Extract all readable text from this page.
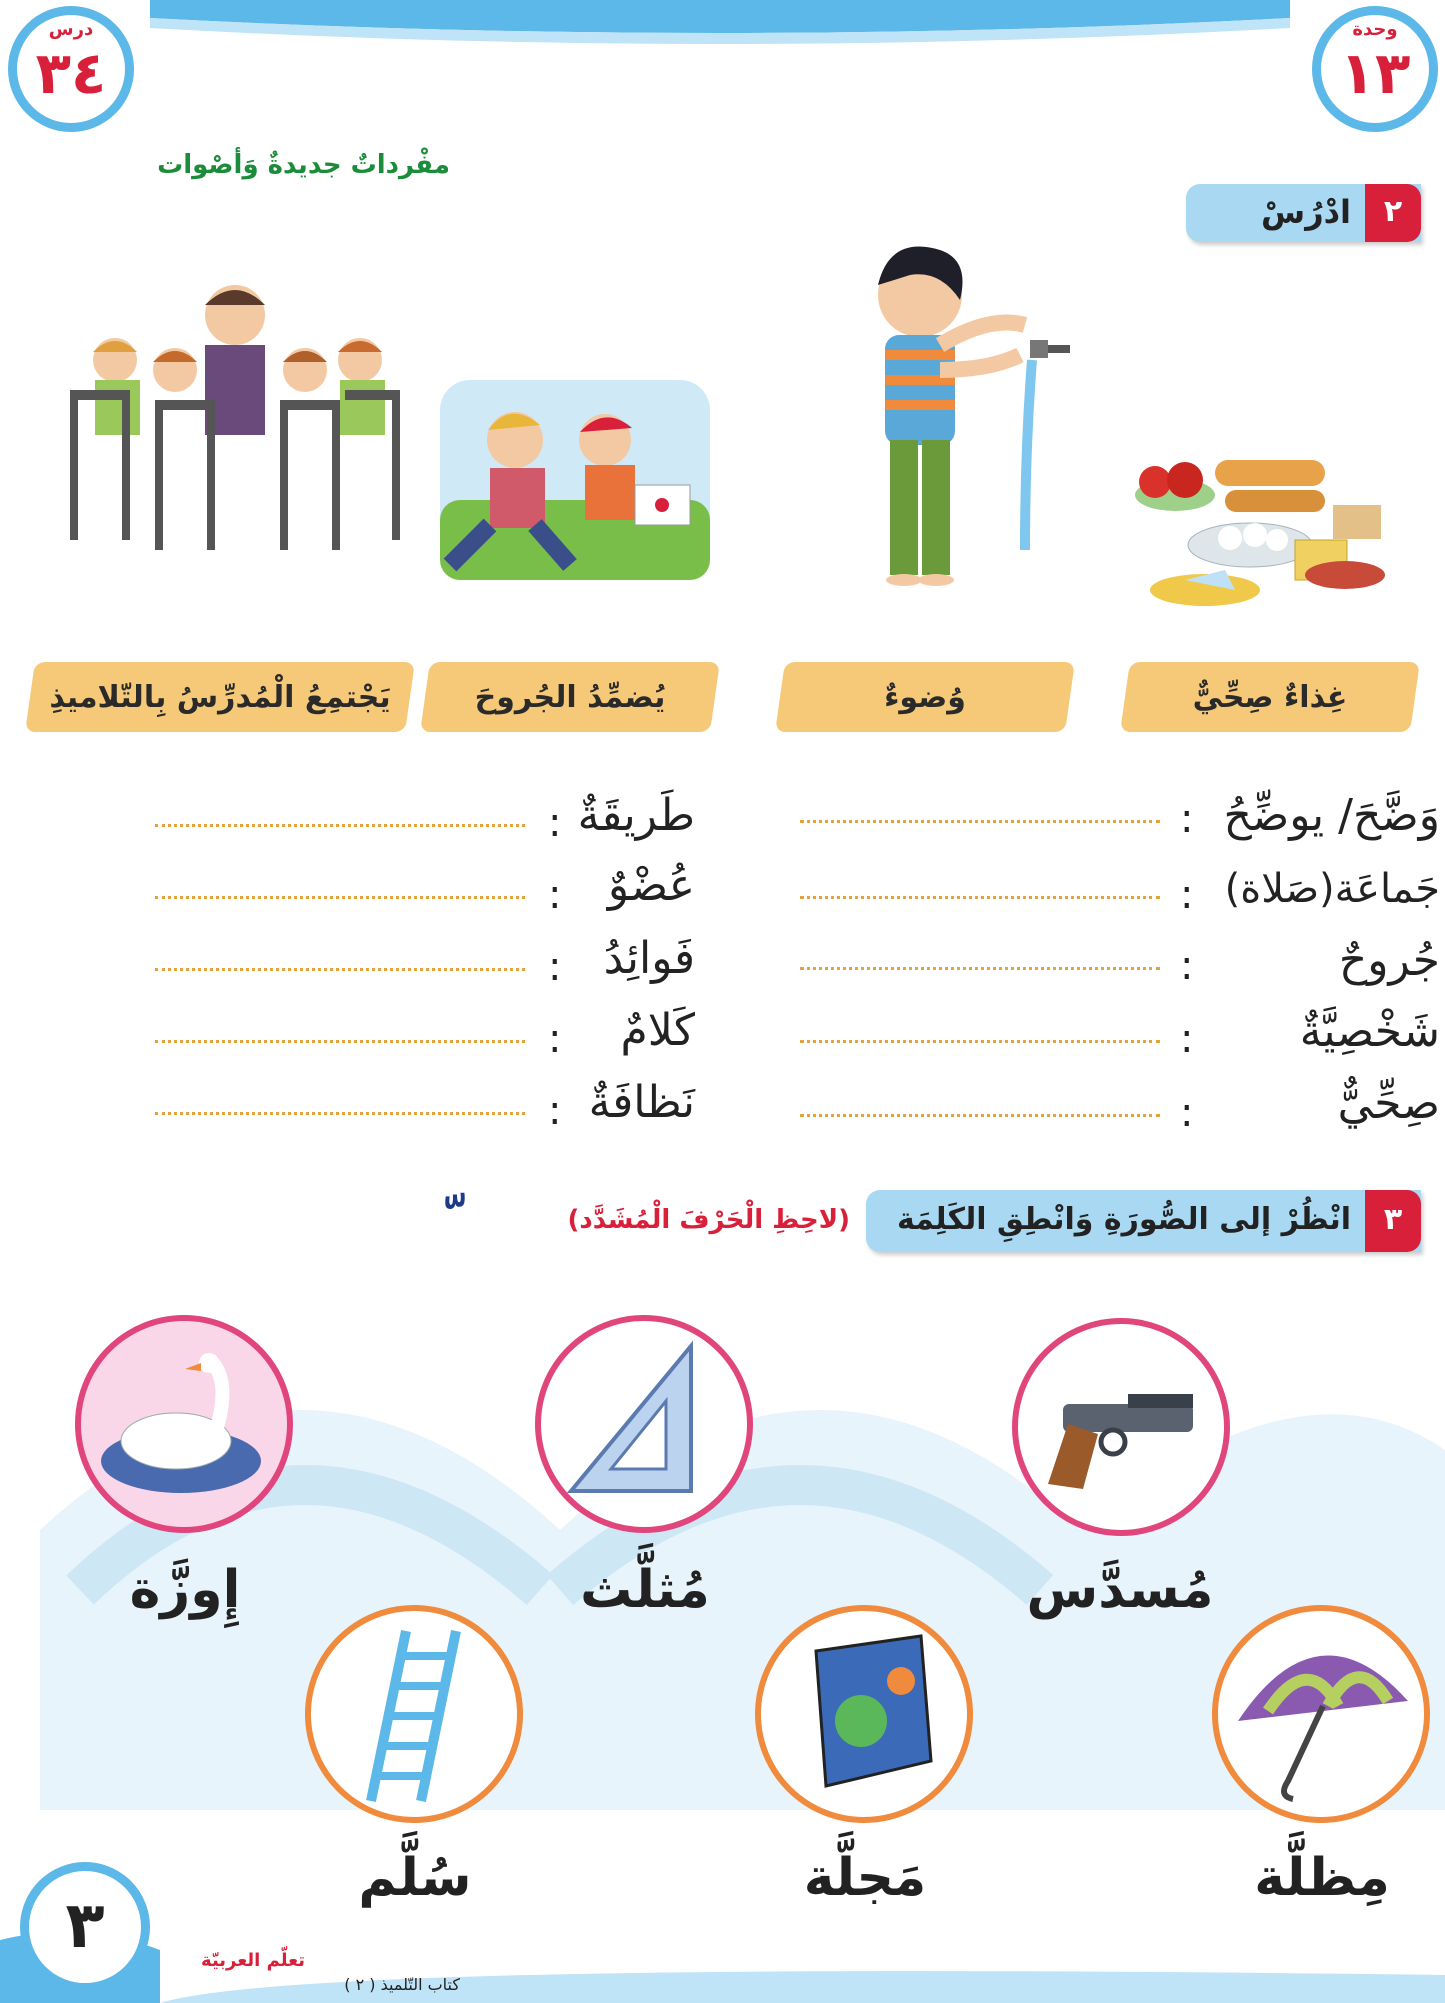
وحدة
١٣
درس
٣٤
مفْرداتٌ جديدةٌ وَأصْوات
٢
ادْرُسْ
غِذاءٌ صِحِّيٌّ
وُضوءٌ
يُضمِّدُ الجُروحَ
يَجْتمِعُ الْمُدرِّسُ بِالتّلاميذِ
وَضَّحَ/ يوضِّحُ
:
جَماعَة(صَلاة)
:
جُروحٌ
:
شَخْصِيَّةٌ
:
صِحِّيٌّ
:
طَريقَةٌ
:
عُضْوٌ
:
فَوائِدُ
:
كَلامٌ
:
نَظافَةٌ
:
٣
انْظُرْ إلى الصُّورَةِ وَانْطِقِ الكَلِمَة
(لاحِظِ الْحَرْفَ الْمُشَدَّد)
مُسدَّس
مُثلَّث
إِوزَّة
مِظلَّة
مَجلَّة
سُلَّم
٣	تعلّم العربيّة
كتاب التّلميذ ( ٢ )
